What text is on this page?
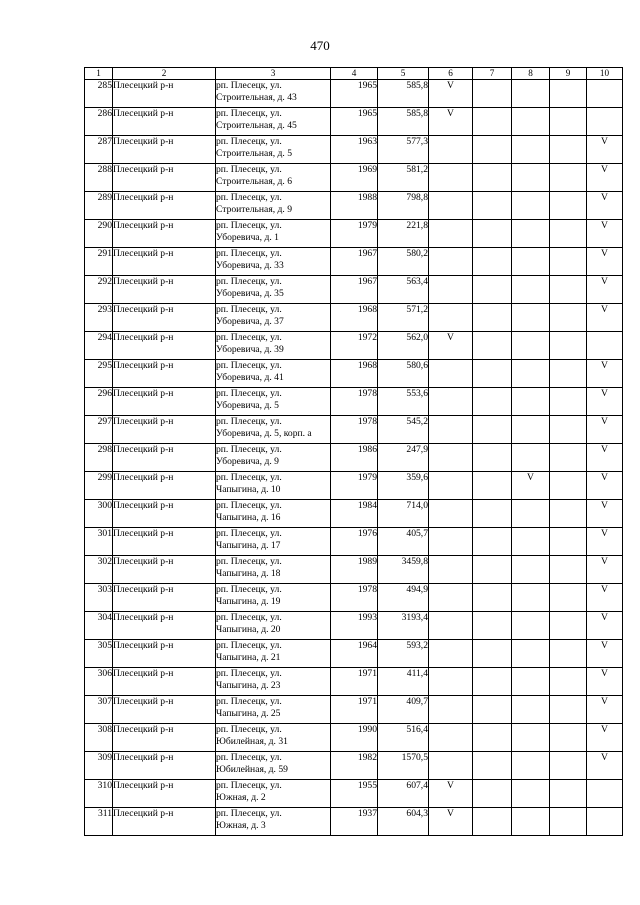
470
1	2	3	4	5	6	7	8	9	10
285	Плесецкий р-н	рп. Плесецк, ул.
Строительная, д. 43	1965	585,8	V				
286	Плесецкий р-н	рп. Плесецк, ул.
Строительная, д. 45	1965	585,8	V				
287	Плесецкий р-н	рп. Плесецк, ул.
Строительная, д. 5	1963	577,3					V
288	Плесецкий р-н	рп. Плесецк, ул.
Строительная, д. 6	1969	581,2					V
289	Плесецкий р-н	рп. Плесецк, ул.
Строительная, д. 9	1988	798,8					V
290	Плесецкий р-н	рп. Плесецк, ул.
Уборевича, д. 1	1979	221,8					V
291	Плесецкий р-н	рп. Плесецк, ул.
Уборевича, д. 33	1967	580,2					V
292	Плесецкий р-н	рп. Плесецк, ул.
Уборевича, д. 35	1967	563,4					V
293	Плесецкий р-н	рп. Плесецк, ул.
Уборевича, д. 37	1968	571,2					V
294	Плесецкий р-н	рп. Плесецк, ул.
Уборевича, д. 39	1972	562,0	V				
295	Плесецкий р-н	рп. Плесецк, ул.
Уборевича, д. 41	1968	580,6					V
296	Плесецкий р-н	рп. Плесецк, ул.
Уборевича, д. 5	1978	553,6					V
297	Плесецкий р-н	рп. Плесецк, ул.
Уборевича, д. 5, корп. а	1978	545,2					V
298	Плесецкий р-н	рп. Плесецк, ул.
Уборевича, д. 9	1986	247,9					V
299	Плесецкий р-н	рп. Плесецк, ул.
Чапыгина, д. 10	1979	359,6			V		V
300	Плесецкий р-н	рп. Плесецк, ул.
Чапыгина, д. 16	1984	714,0					V
301	Плесецкий р-н	рп. Плесецк, ул.
Чапыгина, д. 17	1976	405,7					V
302	Плесецкий р-н	рп. Плесецк, ул.
Чапыгина, д. 18	1989	3459,8					V
303	Плесецкий р-н	рп. Плесецк, ул.
Чапыгина, д. 19	1978	494,9					V
304	Плесецкий р-н	рп. Плесецк, ул.
Чапыгина, д. 20	1993	3193,4					V
305	Плесецкий р-н	рп. Плесецк, ул.
Чапыгина, д. 21	1964	593,2					V
306	Плесецкий р-н	рп. Плесецк, ул.
Чапыгина, д. 23	1971	411,4					V
307	Плесецкий р-н	рп. Плесецк, ул.
Чапыгина, д. 25	1971	409,7					V
308	Плесецкий р-н	рп. Плесецк, ул.
Юбилейная, д. 31	1990	516,4					V
309	Плесецкий р-н	рп. Плесецк, ул.
Юбилейная, д. 59	1982	1570,5					V
310	Плесецкий р-н	рп. Плесецк, ул.
Южная, д. 2	1955	607,4	V				
311	Плесецкий р-н	рп. Плесецк, ул.
Южная, д. 3	1937	604,3	V				
